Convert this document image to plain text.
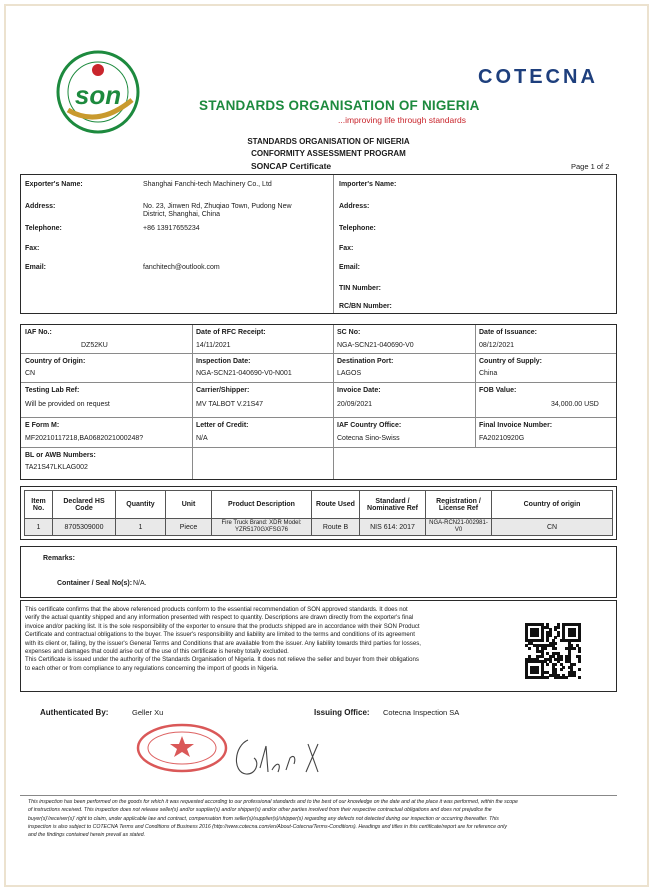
son
COTECNA
STANDARDS ORGANISATION OF NIGERIA
...improving life through standards
STANDARDS ORGANISATION OF NIGERIA
CONFORMITY ASSESSMENT PROGRAM
SONCAP Certificate	Page 1 of 2
Exporter's Name:	Shanghai Fanchi-tech Machinery Co., Ltd
Address:	No. 23, Jinwen Rd, Zhuqiao Town, Pudong New
District, Shanghai, China
Telephone:	+86 13917655234
Fax:
Email:	fanchitech@outlook.com
Importer's Name:
Address:
Telephone:
Fax:
Email:
TIN Number:
RC/BN Number:
IAF No.:
DZ52KU
Date of RFC Receipt:
14/11/2021
SC No:
NGA-SCN21-040690-V0
Date of Issuance:
08/12/2021
Country of Origin:
CN
Inspection Date:
NGA-SCN21-040690-V0-N001
Destination Port:
LAGOS
Country of Supply:
China
Testing Lab Ref:
Will be provided on request
Carrier/Shipper:
MV TALBOT V.21S47
Invoice Date:
20/09/2021
FOB Value:
34,000.00 USD
E Form M:
MF20210117218,BA0682021000248?
Letter of Credit:
N/A
IAF Country Office:
Cotecna Sino-Swiss
Final Invoice Number:
FA20210920G
BL or AWB Numbers:
TA21S47LKLAG002
Item No.	Declared HS Code	Quantity	Unit	Product Description	Route Used	Standard / Nominative Ref	Registration / License Ref	Country of origin
1	8705309000	1	Piece	Fire Truck Brand: XDR Model: YZR5170GXFSG76	Route B	NIS 614: 2017	NGA-RCN21-002981-V0	CN
Remarks:
Container / Seal No(s): N/A.
This certificate confirms that the above referenced products conform to the essential recommendation of SON approved standards. It does not
verify the actual quantity shipped and any information presented with respect to quantity. Descriptions are drawn directly from the exporter's final
invoice and/or packing list. It is the sole responsibility of the exporter to ensure that the products shipped are in accordance with their SON Product
Certificate and contractual obligations to the buyer. The issuer's responsibility and liability are limited to the terms and conditions of its agreement
with its client or, failing, by the issuer's General Terms and Conditions that are available from the issuer. Any liability towards third parties for losses,
expenses and damages that could arise out of the use of this certificate is hereby totally excluded.
This Certificate is issued under the authority of the Standards Organisation of Nigeria. It does not relieve the seller and buyer from their obligations
to each other or from compliance to any regulations concerning the import of goods in Nigeria.
Authenticated By:	Geller Xu	Issuing Office: Cotecna Inspection SA
This inspection has been performed on the goods for which it was requested according to our professional standards and to the best of our knowledge on the date and at the place it was performed, within the scope
of instructions received. This inspection does not release seller(s) and/or supplier(s) and/or shipper(s) and/or other parties involved from their respective contractual obligations and does not prejudice the
buyer(s)'/receiver(s)' right to claim, under applicable law and contract, compensation from seller(s)/supplier(s)/shipper(s) regarding any defects not detected during our inspection or occurring thereafter. This
inspection is also subject to COTECNA Terms and Conditions of Business 2016 (http://www.cotecna.com/en/About-Cotecna/Terms-Conditions). Headings and titles in this certificate/report are for reference only
and the findings contained herein prevail as stated.
